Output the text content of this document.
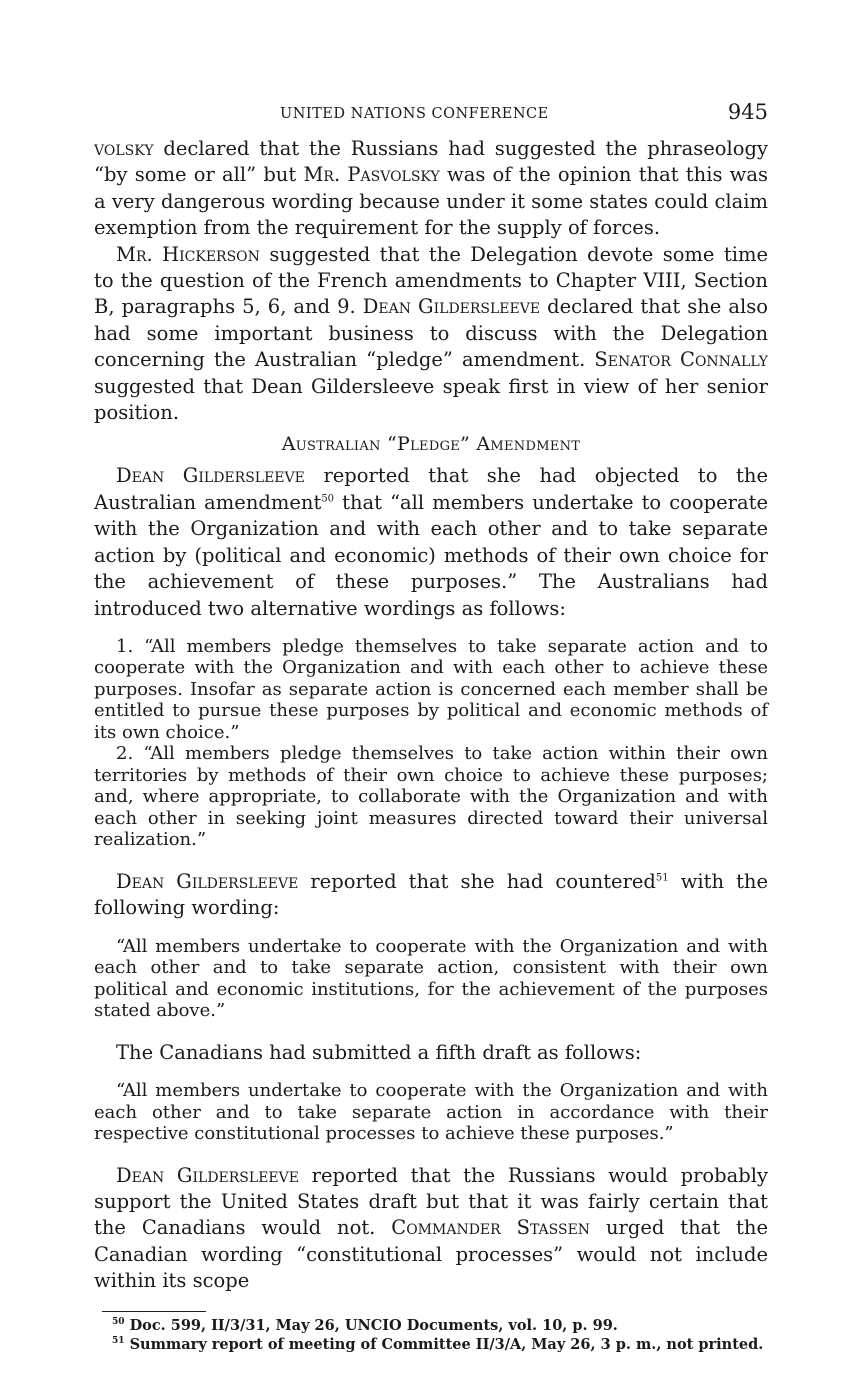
UNITED NATIONS CONFERENCE	945

volsky declared that the Russians had suggested the phraseology “by some or all” but Mr. Pasvolsky was of the opinion that this was a very dangerous wording because under it some states could claim exemption from the requirement for the supply of forces.

Mr. Hickerson suggested that the Delegation devote some time to the question of the French amendments to Chapter VIII, Section B, paragraphs 5, 6, and 9. Dean Gildersleeve declared that she also had some important business to discuss with the Delegation concerning the Australian “pledge” amendment. Senator Connally suggested that Dean Gildersleeve speak first in view of her senior position.

Australian “Pledge” Amendment

Dean Gildersleeve reported that she had objected to the Australian amendment$^{50}$ that “all members undertake to cooperate with the Organization and with each other and to take separate action by (political and economic) methods of their own choice for the achievement of these purposes.” The Australians had introduced two alternative wordings as follows:

1. “All members pledge themselves to take separate action and to cooperate with the Organization and with each other to achieve these purposes. Insofar as separate action is concerned each member shall be entitled to pursue these purposes by political and economic methods of its own choice.”

2. “All members pledge themselves to take action within their own territories by methods of their own choice to achieve these purposes; and, where appropriate, to collaborate with the Organization and with each other in seeking joint measures directed toward their universal realization.”

Dean Gildersleeve reported that she had countered$^{51}$ with the following wording:

“All members undertake to cooperate with the Organization and with each other and to take separate action, consistent with their own political and economic institutions, for the achievement of the purposes stated above.”

The Canadians had submitted a fifth draft as follows:

“All members undertake to cooperate with the Organization and with each other and to take separate action in accordance with their respective constitutional processes to achieve these purposes.”

Dean Gildersleeve reported that the Russians would probably support the United States draft but that it was fairly certain that the Canadians would not. Commander Stassen urged that the Canadian wording “constitutional processes” would not include within its scope

$^{50}$ Doc. 599, II/3/31, May 26, UNCIO Documents, vol. 10, p. 99.

$^{51}$ Summary report of meeting of Committee II/3/A, May 26, 3 p. m., not printed.
